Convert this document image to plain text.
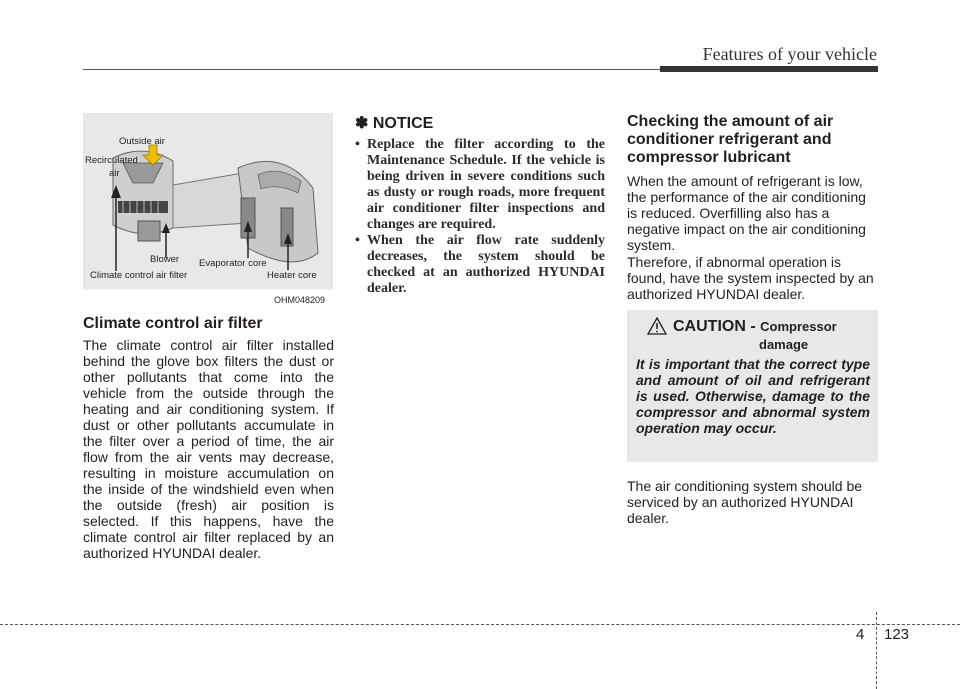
Features of your vehicle
Outside air
Recirculated
air
Blower Evaporator core
Climate control air filter	Heater core
OHM048209
Climate control air filter
The climate control air filter installed behind the glove box filters the dust or other pollutants that come into the vehicle from the outside through the heating and air conditioning system. If dust or other pollutants accumulate in the filter over a period of time, the air flow from the air vents may decrease, resulting in moisture accumulation on the inside of the windshield even when the outside (fresh) air position is selected. If this happens, have the climate control air filter replaced by an authorized HYUNDAI dealer.
✽ NOTICE
• Replace the filter according to the Maintenance Schedule. If the vehicle is being driven in severe conditions such as dusty or rough roads, more frequent air conditioner filter inspections and changes are required.
• When the air flow rate suddenly decreases, the system should be checked at an authorized HYUNDAI dealer.
Checking the amount of air conditioner refrigerant and compressor lubricant

When the amount of refrigerant is low, the performance of the air conditioning is reduced. Overfilling also has a negative impact on the air conditioning system.

Therefore, if abnormal operation is found, have the system inspected by an authorized HYUNDAI dealer.

CAUTION - Compressor
damage
It is important that the correct type and amount of oil and refrigerant is used. Otherwise, damage to the compressor and abnormal system operation may occur.
The air conditioning system should be serviced by an authorized HYUNDAI dealer.
4 123
